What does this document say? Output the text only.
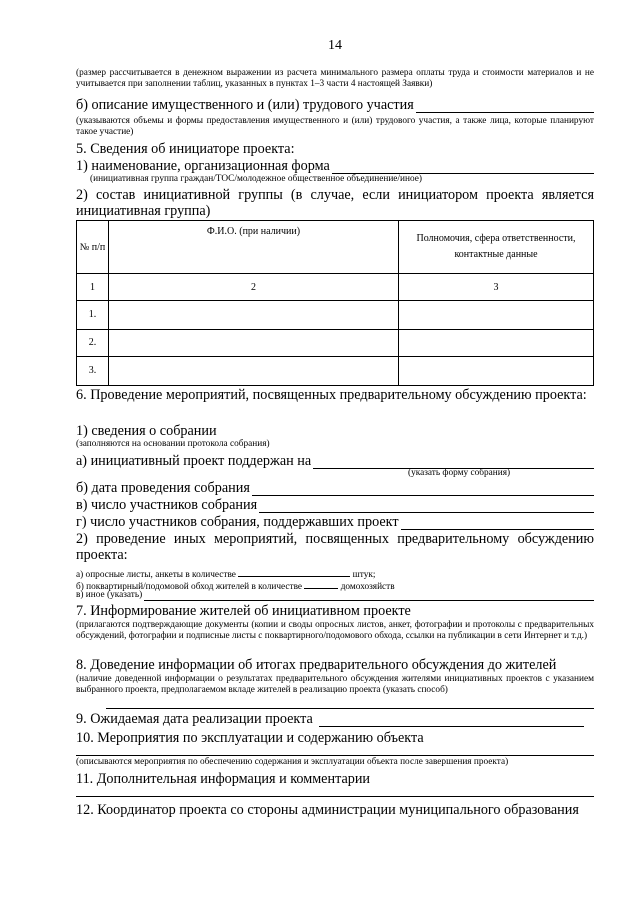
14
(размер рассчитывается в денежном выражении из расчета минимального размера оплаты труда и стоимости материалов и не учитывается при заполнении таблиц, указанных в пунктах 1–3 части 4 настоящей Заявки)
б) описание имущественного и (или) трудового участия
(указываются объемы и формы предоставления имущественного и (или) трудового участия, а также лица, которые планируют такое участие)
5. Сведения об инициаторе проекта:
1) наименование, организационная форма
(инициативная группа граждан/ТОС/молодежное общественное объединение/иное)
2) состав инициативной группы (в случае, если инициатором проекта является
инициативная группа)
№ п/п	Ф.И.О. (при наличии)	Полномочия, сфера ответственности, контактные данные
1	2	3
1.		
2.		
3.		
6. Проведение мероприятий, посвященных предварительному обсуждению проекта:
1) сведения о собрании
(заполняются на основании протокола собрания)
а) инициативный проект поддержан на
(указать форму собрания)
б) дата проведения собрания
в) число участников собрания
г) число участников собрания, поддержавших проект
2) проведение иных мероприятий, посвященных предварительному обсуждению проекта:
а) опросные листы, анкеты в количестве	штук;
б) поквартирный/подомовой обход жителей в количестве	домохозяйств
в) иное (указать)
7. Информирование жителей об инициативном проекте
(прилагаются подтверждающие документы (копии и своды опросных листов, анкет, фотографии и протоколы с предварительных обсуждений, фотографии и подписные листы с поквартирного/подомового обхода, ссылки на публикации в сети Интернет и т.д.)
8. Доведение информации об итогах предварительного обсуждения до жителей
(наличие доведенной информации о результатах предварительного обсуждения жителями инициативных проектов с указанием выбранного проекта, предполагаемом вкладе жителей в реализацию проекта (указать способ)
9. Ожидаемая дата реализации проекта
10. Мероприятия по эксплуатации и содержанию объекта
(описываются мероприятия по обеспечению содержания и эксплуатации объекта после завершения проекта)
11. Дополнительная информация и комментарии
12. Координатор проекта со стороны администрации муниципального образования
